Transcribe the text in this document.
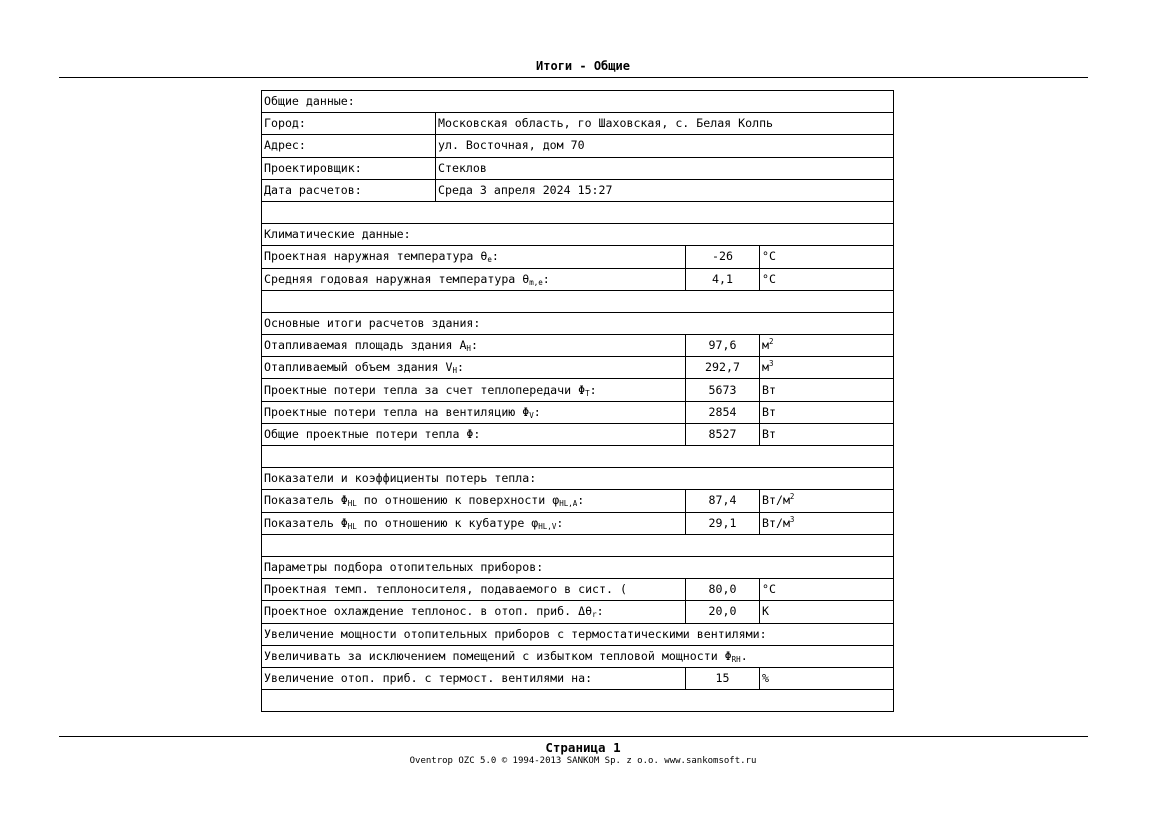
Итоги - Общие
Общие данные:			
Город:	Московская область, го Шаховская, с. Белая Колпь		
Адрес:	ул. Восточная, дом 70		
Проектировщик:	Стеклов		
Дата расчетов:	Среда 3 апреля 2024 15:27		

Климатические данные:			
Проектная наружная температура $\theta_e$:		-26	°C
Средняя годовая наружная температура $\theta_{m,e}$:		4,1	°C

Основные итоги расчетов здания:			
Отапливаемая площадь здания $A_H$:		97,6	$м^2$
Отапливаемый объем здания $V_H$:		292,7	$м^3$
Проектные потери тепла за счет теплопередачи $\Phi_T$:		5673	Вт
Проектные потери тепла на вентиляцию $\Phi_V$:		2854	Вт
Общие проектные потери тепла Φ:		8527	Вт

Показатели и коэффициенты потерь тепла:			
Показатель $\Phi_{HL}$ по отношению к поверхности $\varphi_{HL,A}$:		87,4	$Вт/м^2$
Показатель $\Phi_{HL}$ по отношению к кубатуре $\varphi_{HL,V}$:		29,1	$Вт/м^3$

Параметры подбора отопительных приборов:			
Проектная темп. теплоносителя, подаваемого в сист. (		80,0	°C
Проектное охлаждение теплонос. в отоп. приб. $\Delta\theta_r$:		20,0	K
Увеличение мощности отопительных приборов с термостатическими вентилями:			
Увеличивать за исключением помещений с избытком тепловой мощности $\Phi_{RH}$.			
Увеличение отоп. приб. с термост. вентилями на:		15	%

Страница 1
Oventrop OZC 5.0 © 1994-2013 SANKOM Sp. z o.o. www.sankomsoft.ru
